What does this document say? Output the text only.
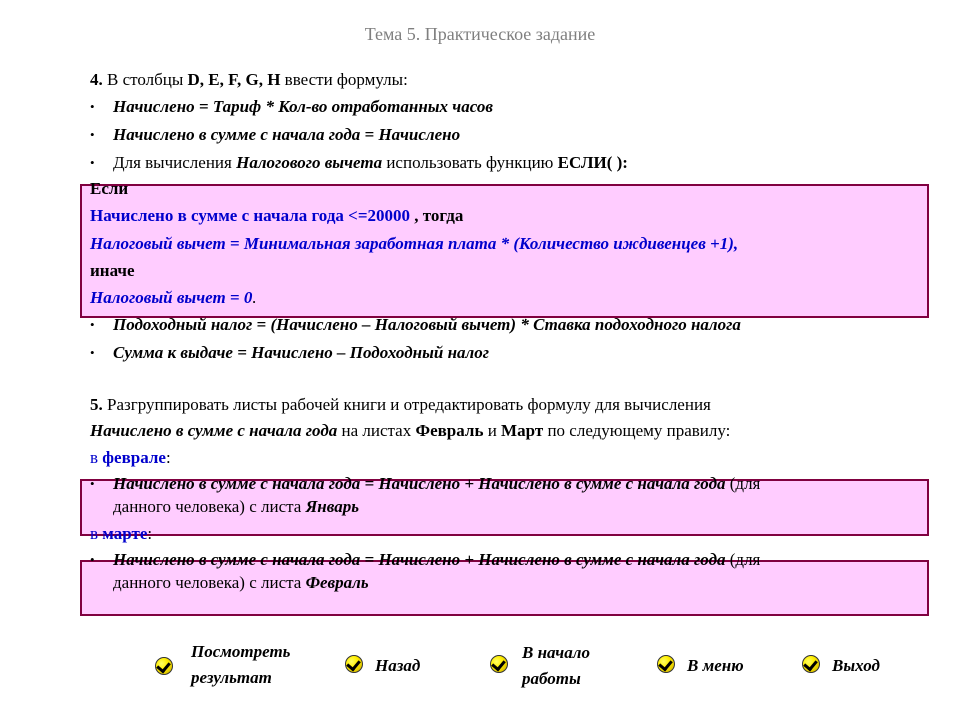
Тема 5. Практическое задание
4. В столбцы D, E, F, G, H ввести формулы:
• Начислено = Тариф * Кол-во отработанных часов
• Начислено в сумме с начала года = Начислено
• Для вычисления Налогового вычета использовать функцию ЕСЛИ( ):
Если
Начислено в сумме с начала года <=20000 , тогда
Налоговый вычет = Минимальная заработная плата * (Количество иждивенцев +1),
иначе
Налоговый вычет = 0.
• Подоходный налог = (Начислено – Налоговый вычет) * Ставка подоходного налога
• Сумма к выдаче = Начислено – Подоходный налог
5. Разгруппировать листы рабочей книги и отредактировать формулу для вычисления
Начислено в сумме с начала года на листах Февраль и Март по следующему правилу:
в феврале:
• Начислено в сумме с начала года = Начислено + Начислено в сумме с начала года (для
данного человека) с листа Январь
в марте:
• Начислено в сумме с начала года = Начислено + Начислено в сумме с начала года (для
данного человека) с листа Февраль
Посмотреть
результат
Назад
В начало
работы
В меню	Выход
